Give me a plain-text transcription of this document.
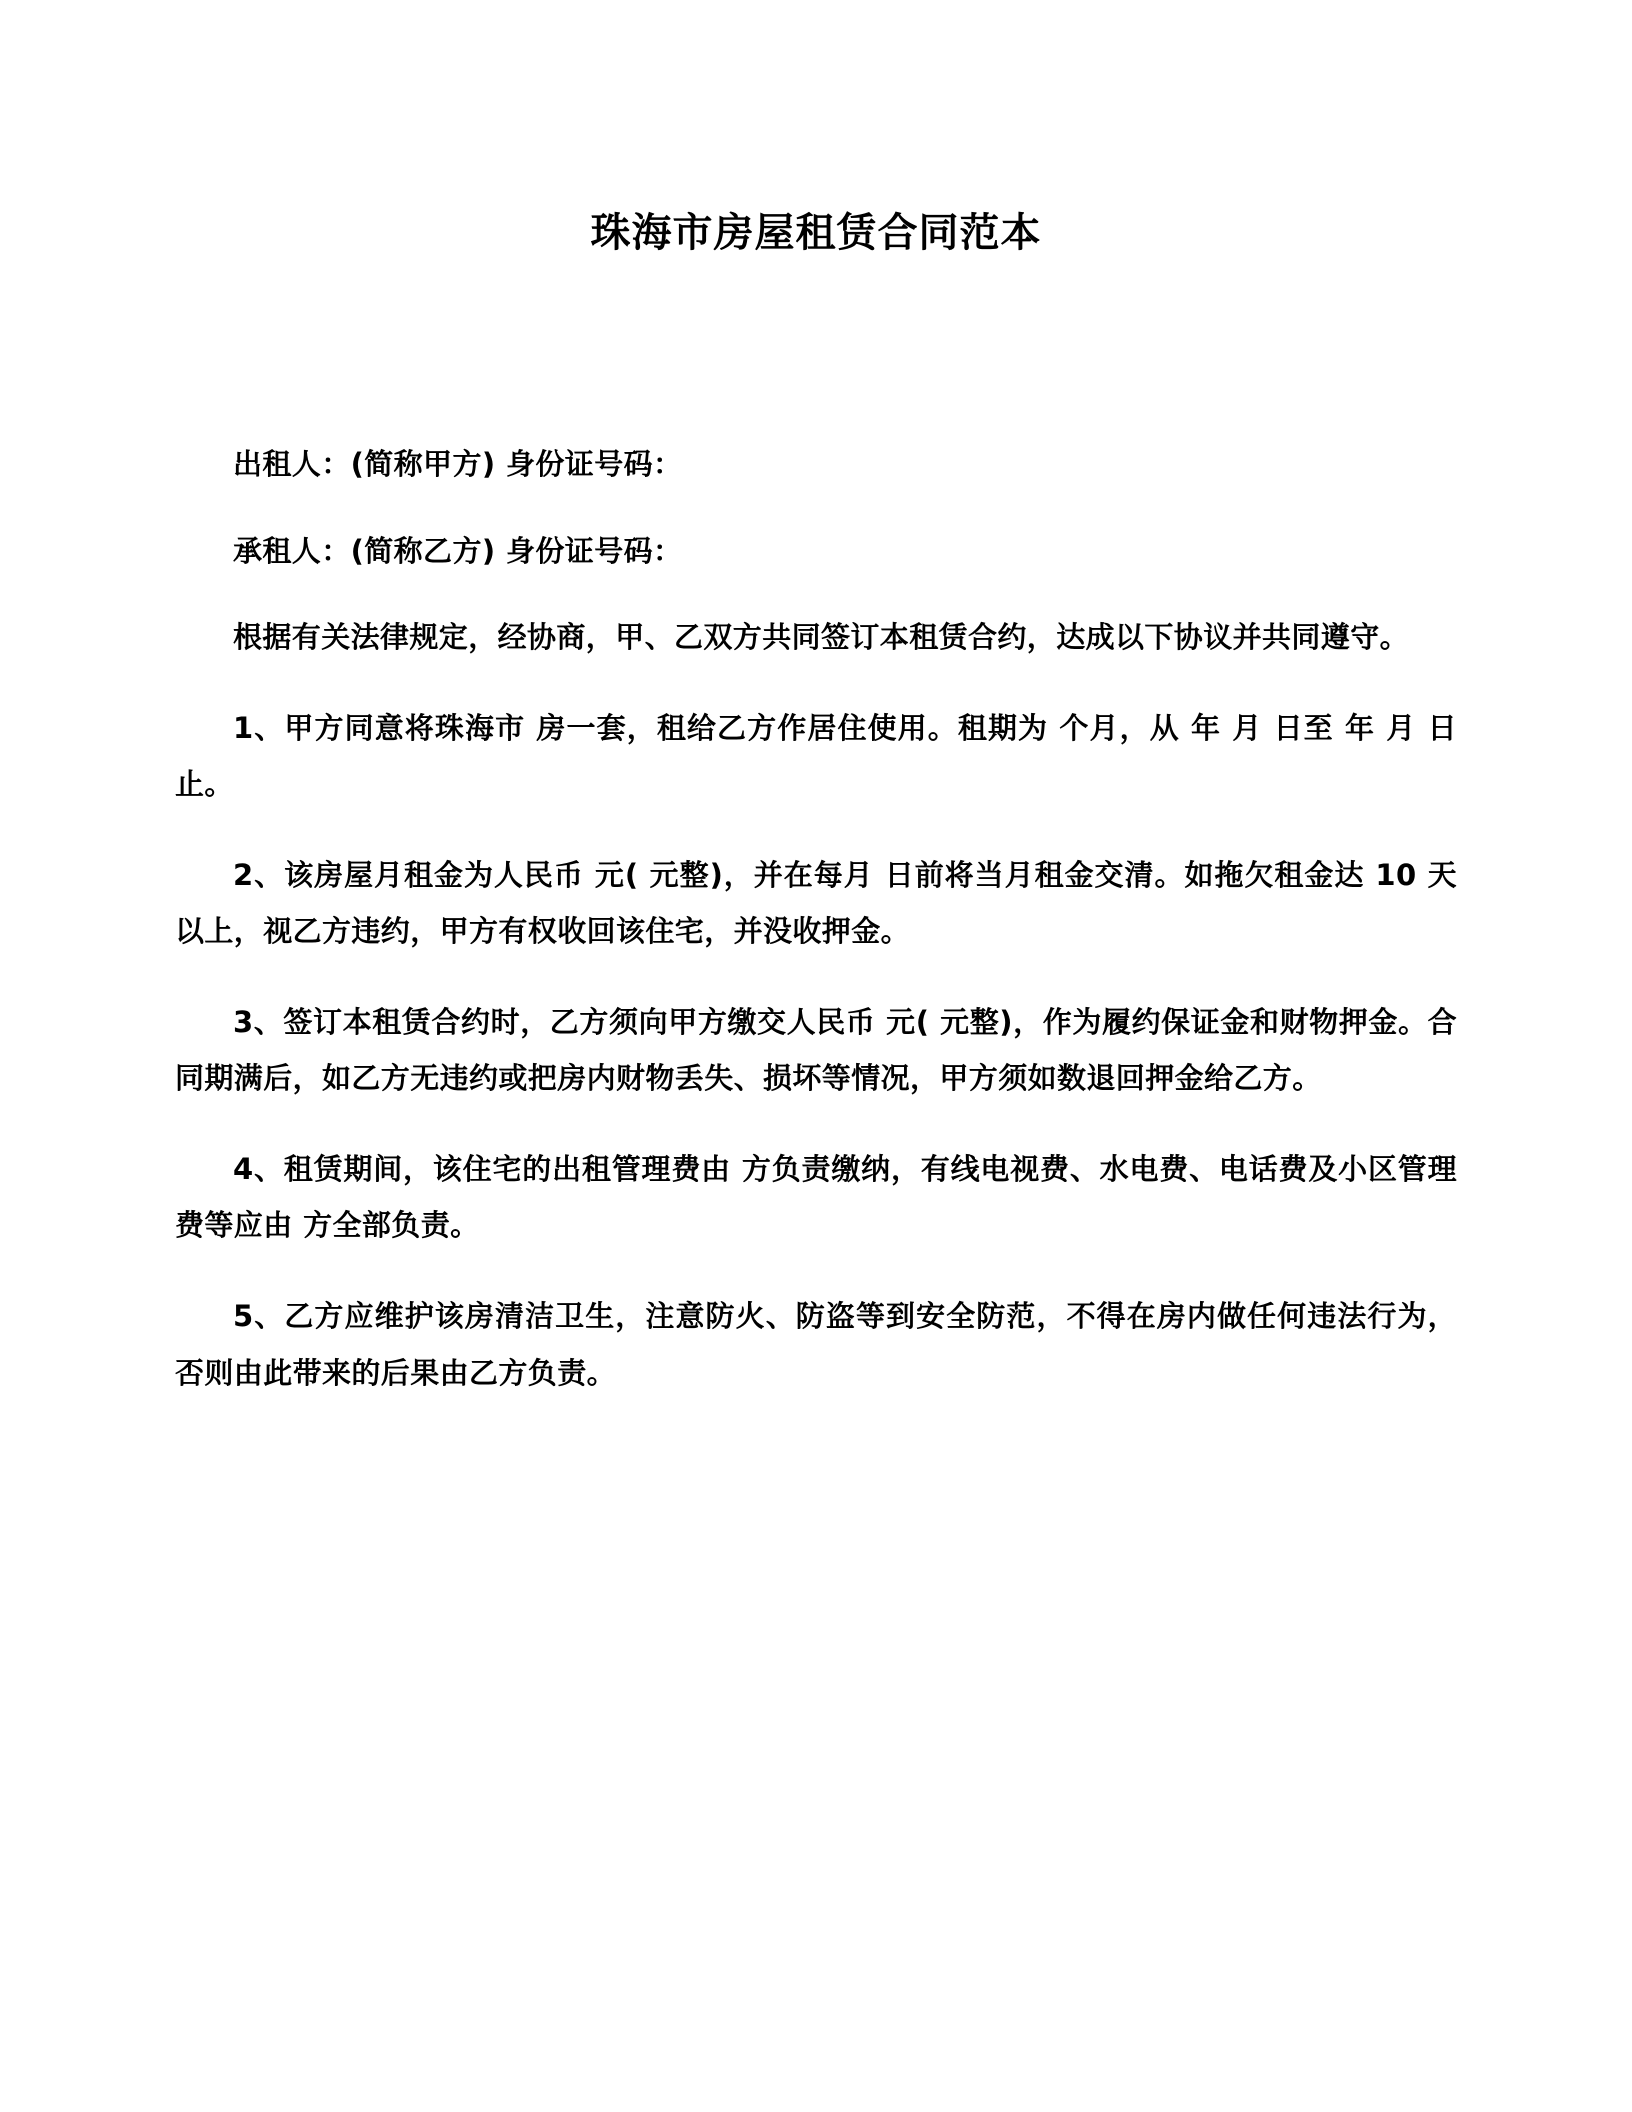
珠海市房屋租赁合同范本

出租人：(简称甲方) 身份证号码：

承租人：(简称乙方) 身份证号码：

根据有关法律规定，经协商，甲、乙双方共同签订本租赁合约，达成以下协议并共同遵守。

1、甲方同意将珠海市 房一套，租给乙方作居住使用。租期为 个月，从 年 月 日至 年 月 日止。

2、该房屋月租金为人民币 元( 元整)，并在每月 日前将当月租金交清。如拖欠租金达 10 天以上，视乙方违约，甲方有权收回该住宅，并没收押金。

3、签订本租赁合约时，乙方须向甲方缴交人民币 元( 元整)，作为履约保证金和财物押金。合同期满后，如乙方无违约或把房内财物丢失、损坏等情况，甲方须如数退回押金给乙方。

4、租赁期间，该住宅的出租管理费由 方负责缴纳，有线电视费、水电费、电话费及小区管理费等应由 方全部负责。

5、乙方应维护该房清洁卫生，注意防火、防盗等到安全防范，不得在房内做任何违法行为，否则由此带来的后果由乙方负责。
